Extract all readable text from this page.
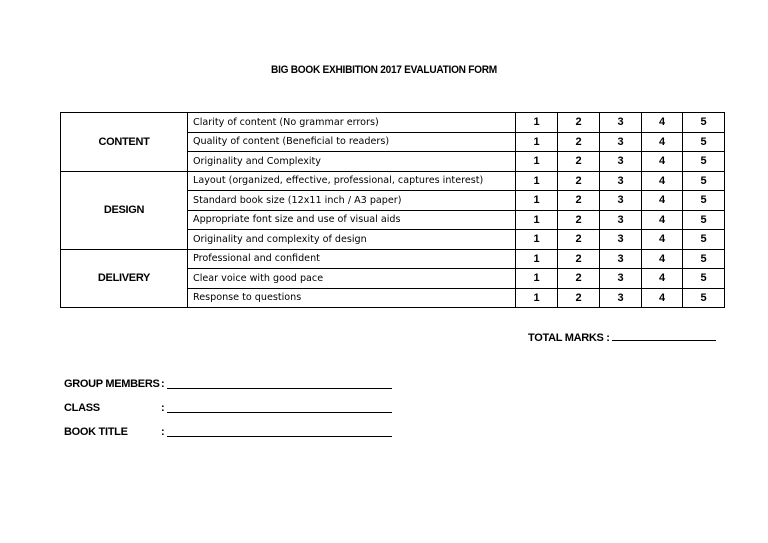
BIG BOOK EXHIBITION 2017 EVALUATION FORM
CONTENT	Clarity of content (No grammar errors)	1	2	3	4	5
	Quality of content (Beneficial to readers)	1	2	3	4	5
	Originality and Complexity	1	2	3	4	5
DESIGN	Layout (organized, effective, professional, captures interest)	1	2	3	4	5
	Standard book size (12x11 inch / A3 paper)	1	2	3	4	5
	Appropriate font size and use of visual aids	1	2	3	4	5
	Originality and complexity of design	1	2	3	4	5
DELIVERY	Professional and confident	1	2	3	4	5
	Clear voice with good pace	1	2	3	4	5
	Response to questions	1	2	3	4	5
TOTAL MARKS :
GROUP MEMBERS :
CLASS	:
BOOK TITLE	:
